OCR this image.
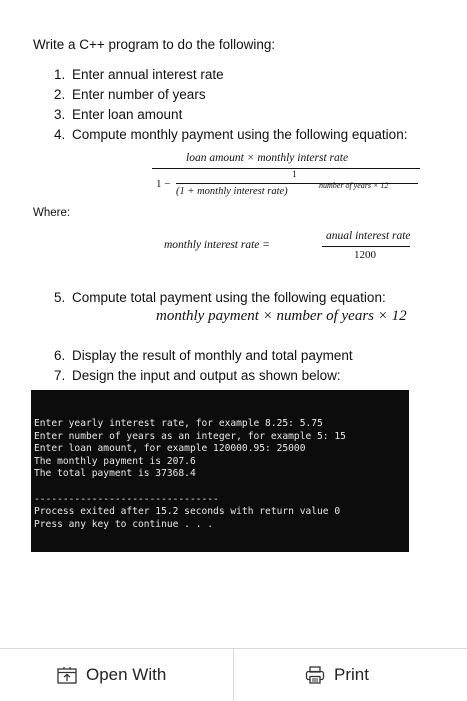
Write a C++ program to do the following:
1. Enter annual interest rate
2. Enter number of years
3. Enter loan amount
4. Compute monthly payment using the following equation:
loan amount × monthly interst rate
1 −
1
(1 + monthly interest rate)
number of years × 12
Where:
monthly interest rate =
anual interest rate
1200
5. Compute total payment using the following equation:
monthly payment × number of years × 12
6. Display the result of monthly and total payment
7. Design the input and output as shown below:
Enter yearly interest rate, for example 8.25: 5.75
Enter number of years as an integer, for example 5: 15
Enter loan amount, for example 120000.95: 25000
The monthly payment is 207.6
The total payment is 37368.4
--------------------------------
Process exited after 15.2 seconds with return value 0
Press any key to continue . . .
Open With	Print
